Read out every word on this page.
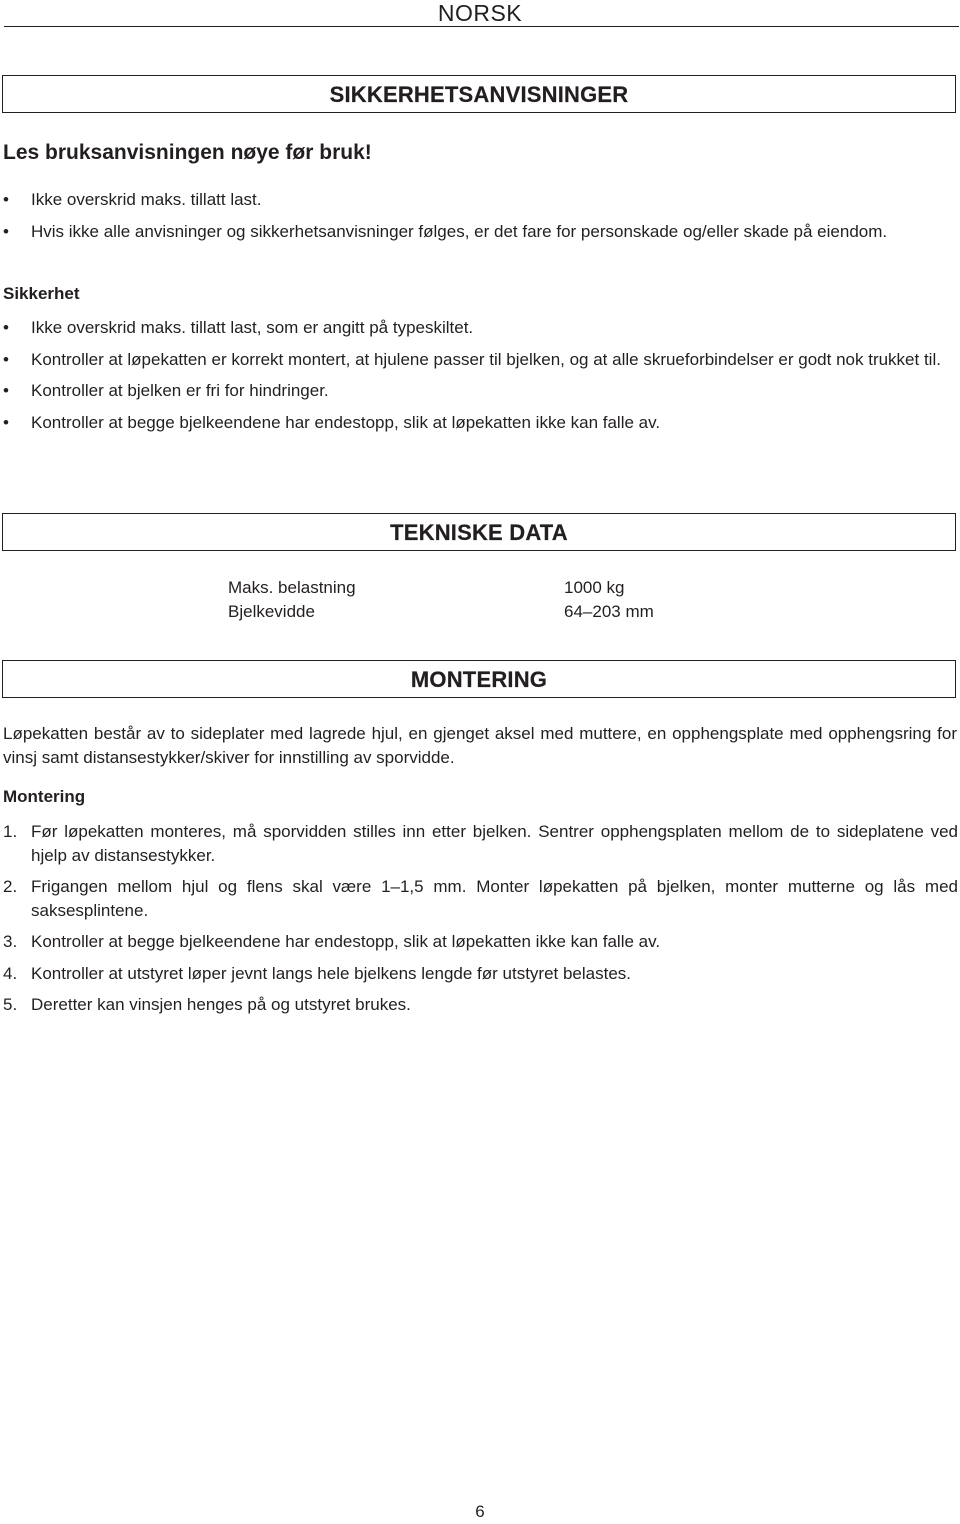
NORSK
SIKKERHETSANVISNINGER
Les bruksanvisningen nøye før bruk!
•	Ikke overskrid maks. tillatt last.
•	Hvis ikke alle anvisninger og sikkerhetsanvisninger følges, er det fare for personskade og/eller skade på eiendom.
Sikkerhet
•	Ikke overskrid maks. tillatt last, som er angitt på typeskiltet.
•	Kontroller at løpekatten er korrekt montert, at hjulene passer til bjelken, og at alle skrueforbindelser er godt nok trukket til.
•	Kontroller at bjelken er fri for hindringer.
•	Kontroller at begge bjelkeendene har endestopp, slik at løpekatten ikke kan falle av.
TEKNISKE DATA
Maks. belastning	1000 kg
Bjelkevidde	64–203 mm
MONTERING
Løpekatten består av to sideplater med lagrede hjul, en gjenget aksel med muttere, en opphengsplate med opphengsring for vinsj samt distansestykker/skiver for innstilling av sporvidde.
Montering
1. Før løpekatten monteres, må sporvidden stilles inn etter bjelken. Sentrer opphengsplaten mellom de to sideplatene ved hjelp av distansestykker.
2. Frigangen mellom hjul og flens skal være 1–1,5 mm. Monter løpekatten på bjelken, monter mutterne og lås med saksesplintene.
3. Kontroller at begge bjelkeendene har endestopp, slik at løpekatten ikke kan falle av.
4. Kontroller at utstyret løper jevnt langs hele bjelkens lengde før utstyret belastes.
5. Deretter kan vinsjen henges på og utstyret brukes.
6
